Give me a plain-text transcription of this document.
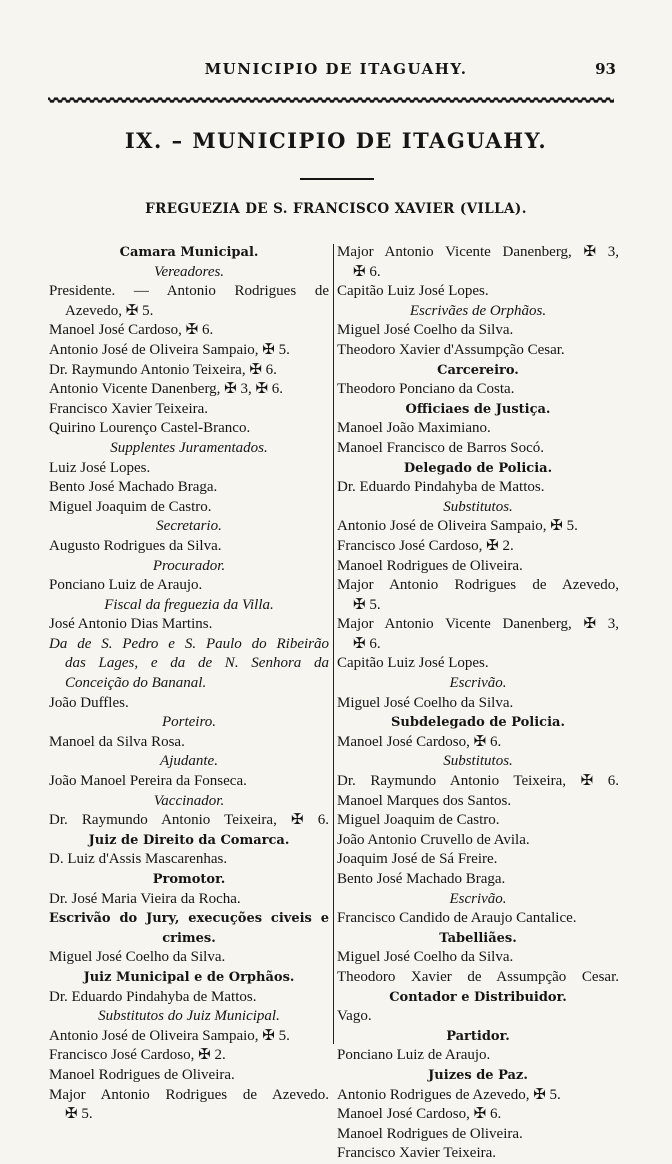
MUNICIPIO DE ITAGUAHY.	93
IX. – MUNICIPIO DE ITAGUAHY.
FREGUEZIA DE S. FRANCISCO XAVIER (VILLA).
Camara Municipal.
Vereadores.
Presidente. — Antonio Rodrigues de
Azevedo, ✠ 5.
Manoel José Cardoso, ✠ 6.
Antonio José de Oliveira Sampaio, ✠ 5.
Dr. Raymundo Antonio Teixeira, ✠ 6.
Antonio Vicente Danenberg, ✠ 3, ✠ 6.
Francisco Xavier Teixeira.
Quirino Lourenço Castel-Branco.
Supplentes Juramentados.
Luiz José Lopes.
Bento José Machado Braga.
Miguel Joaquim de Castro.
Secretario.
Augusto Rodrigues da Silva.
Procurador.
Ponciano Luiz de Araujo.
Fiscal da freguezia da Villa.
José Antonio Dias Martins.
Da de S. Pedro e S. Paulo do Ribeirão
das Lages, e da de N. Senhora da
Conceição do Bananal.
João Duffles.
Porteiro.
Manoel da Silva Rosa.
Ajudante.
João Manoel Pereira da Fonseca.
Vaccinador.
Dr. Raymundo Antonio Teixeira, ✠ 6.
Juiz de Direito da Comarca.
D. Luiz d'Assis Mascarenhas.
Promotor.
Dr. José Maria Vieira da Rocha.
Escrivão do Jury, execuções civeis e
crimes.
Miguel José Coelho da Silva.
Juiz Municipal e de Orphãos.
Dr. Eduardo Pindahyba de Mattos.
Substitutos do Juiz Municipal.
Antonio José de Oliveira Sampaio, ✠ 5.
Francisco José Cardoso, ✠ 2.
Manoel Rodrigues de Oliveira.
Major Antonio Rodrigues de Azevedo.
✠ 5.
Major Antonio Vicente Danenberg, ✠ 3,
✠ 6.
Capitão Luiz José Lopes.
Escrivães de Orphãos.
Miguel José Coelho da Silva.
Theodoro Xavier d'Assumpção Cesar.
Carcereiro.
Theodoro Ponciano da Costa.
Officiaes de Justiça.
Manoel João Maximiano.
Manoel Francisco de Barros Socó.
Delegado de Policia.
Dr. Eduardo Pindahyba de Mattos.
Substitutos.
Antonio José de Oliveira Sampaio, ✠ 5.
Francisco José Cardoso, ✠ 2.
Manoel Rodrigues de Oliveira.
Major Antonio Rodrigues de Azevedo,
✠ 5.
Major Antonio Vicente Danenberg, ✠ 3,
✠ 6.
Capitão Luiz José Lopes.
Escrivão.
Miguel José Coelho da Silva.
Subdelegado de Policia.
Manoel José Cardoso, ✠ 6.
Substitutos.
Dr. Raymundo Antonio Teixeira, ✠ 6.
Manoel Marques dos Santos.
Miguel Joaquim de Castro.
João Antonio Cruvello de Avila.
Joaquim José de Sá Freire.
Bento José Machado Braga.
Escrivão.
Francisco Candido de Araujo Cantalice.
Tabelliães.
Miguel José Coelho da Silva.
Theodoro Xavier de Assumpção Cesar.
Contador e Distribuidor.
Vago.
Partidor.
Ponciano Luiz de Araujo.
Juizes de Paz.
Antonio Rodrigues de Azevedo, ✠ 5.
Manoel José Cardoso, ✠ 6.
Manoel Rodrigues de Oliveira.
Francisco Xavier Teixeira.
